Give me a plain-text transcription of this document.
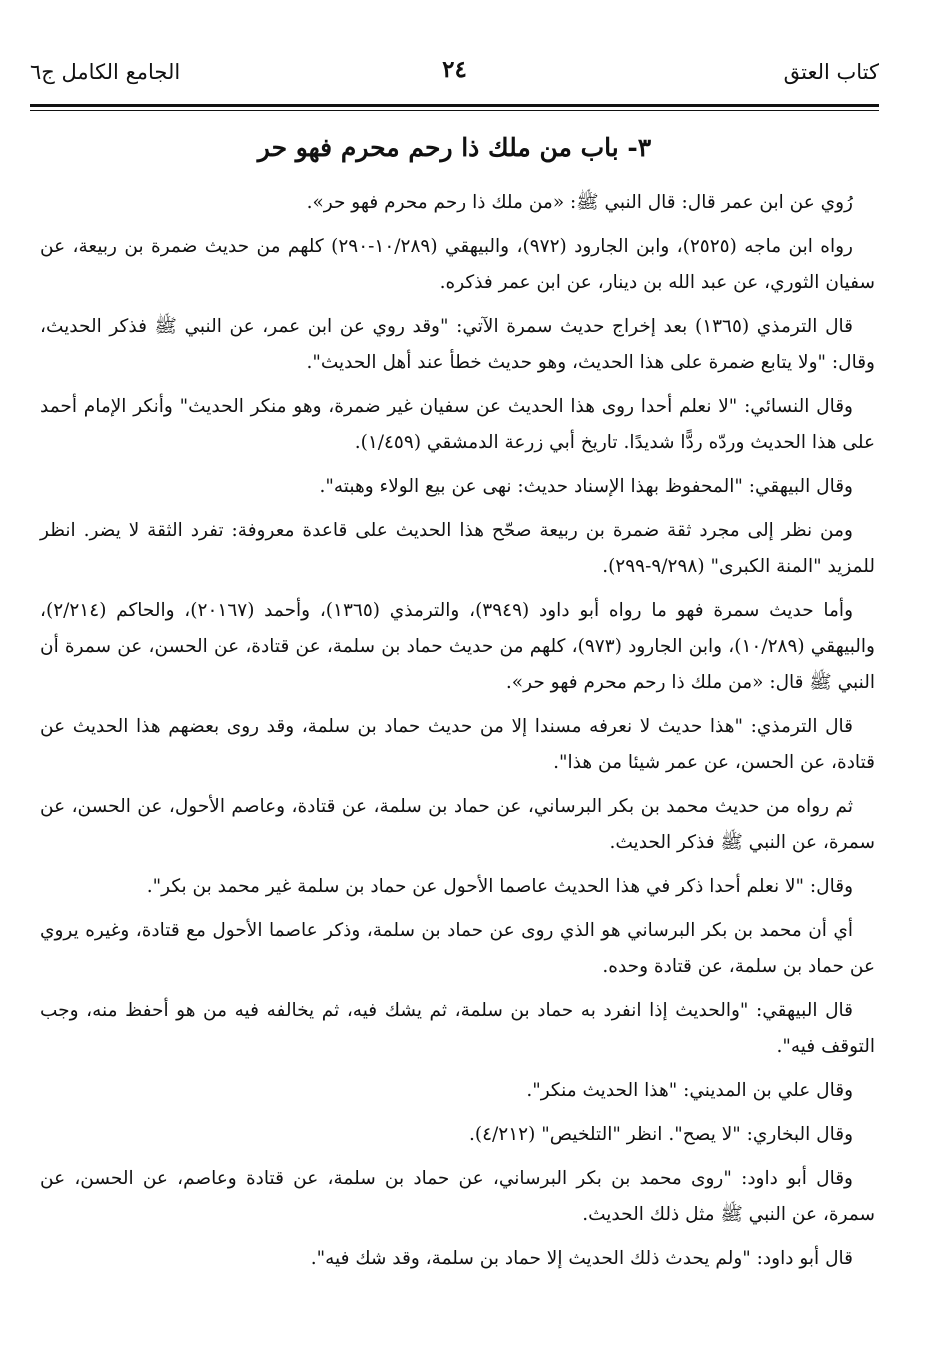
كتاب العتق
٢٤
الجامع الكامل ج٦
٣- باب من ملك ذا رحم محرم فهو حر

رُوي عن ابن عمر قال: قال النبي ﷺ: «من ملك ذا رحم محرم فهو حر».

رواه ابن ماجه (٢٥٢٥)، وابن الجارود (٩٧٢)، والبيهقي (١٠/٢٨٩-٢٩٠) كلهم من حديث ضمرة بن ربيعة، عن سفيان الثوري، عن عبد الله بن دينار، عن ابن عمر فذكره.

قال الترمذي (١٣٦٥) بعد إخراج حديث سمرة الآتي: "وقد روي عن ابن عمر، عن النبي ﷺ فذكر الحديث، وقال: "ولا يتابع ضمرة على هذا الحديث، وهو حديث خطأ عند أهل الحديث".

وقال النسائي: "لا نعلم أحدا روى هذا الحديث عن سفيان غير ضمرة، وهو منكر الحديث" وأنكر الإمام أحمد على هذا الحديث وردّه ردًّا شديدًا. تاريخ أبي زرعة الدمشقي (١/٤٥٩).

وقال البيهقي: "المحفوظ بهذا الإسناد حديث: نهى عن بيع الولاء وهبته".

ومن نظر إلى مجرد ثقة ضمرة بن ربيعة صحّح هذا الحديث على قاعدة معروفة: تفرد الثقة لا يضر. انظر للمزيد "المنة الكبرى" (٩/٢٩٨-٢٩٩).

وأما حديث سمرة فهو ما رواه أبو داود (٣٩٤٩)، والترمذي (١٣٦٥)، وأحمد (٢٠١٦٧)، والحاكم (٢/٢١٤)، والبيهقي (١٠/٢٨٩)، وابن الجارود (٩٧٣)، كلهم من حديث حماد بن سلمة، عن قتادة، عن الحسن، عن سمرة أن النبي ﷺ قال: «من ملك ذا رحم محرم فهو حر».

قال الترمذي: "هذا حديث لا نعرفه مسندا إلا من حديث حماد بن سلمة، وقد روى بعضهم هذا الحديث عن قتادة، عن الحسن، عن عمر شيئا من هذا".

ثم رواه من حديث محمد بن بكر البرساني، عن حماد بن سلمة، عن قتادة، وعاصم الأحول، عن الحسن، عن سمرة، عن النبي ﷺ فذكر الحديث.

وقال: "لا نعلم أحدا ذكر في هذا الحديث عاصما الأحول عن حماد بن سلمة غير محمد بن بكر".

أي أن محمد بن بكر البرساني هو الذي روى عن حماد بن سلمة، وذكر عاصما الأحول مع قتادة، وغيره يروي عن حماد بن سلمة، عن قتادة وحده.

قال البيهقي: "والحديث إذا انفرد به حماد بن سلمة، ثم يشك فيه، ثم يخالفه فيه من هو أحفظ منه، وجب التوقف فيه".

وقال علي بن المديني: "هذا الحديث منكر".

وقال البخاري: "لا يصح". انظر "التلخيص" (٤/٢١٢).

وقال أبو داود: "روى محمد بن بكر البرساني، عن حماد بن سلمة، عن قتادة وعاصم، عن الحسن، عن سمرة، عن النبي ﷺ مثل ذلك الحديث.

قال أبو داود: "ولم يحدث ذلك الحديث إلا حماد بن سلمة، وقد شك فيه".
